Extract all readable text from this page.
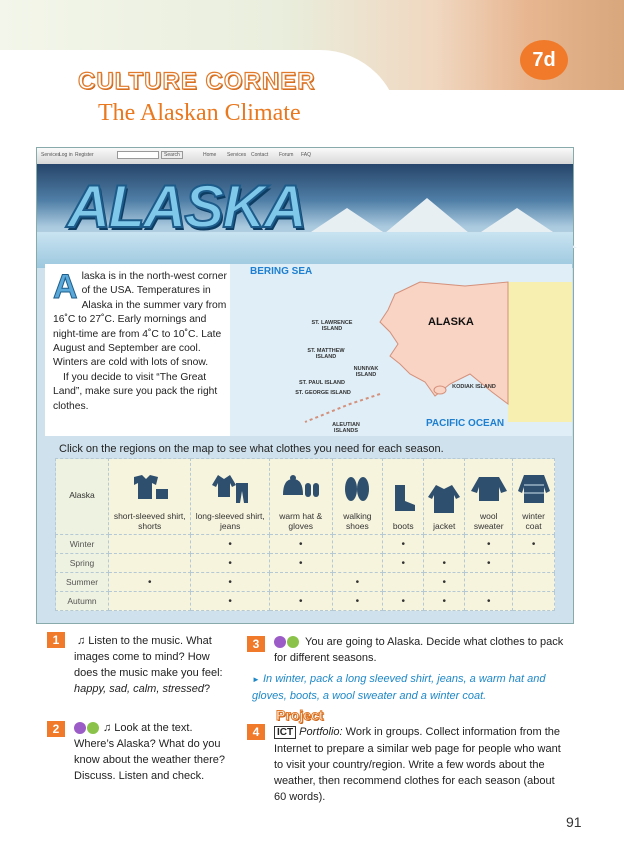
7d
CULTURE CORNER
The Alaskan Climate
Services
Log in Register	Search	Home Services Contact Forum FAQ
ALASKA
Alaska is in the north-west corner of the USA. Temperatures in Alaska in the summer vary from 16˚C to 27˚C. Early mornings and night-time are from 4˚C to 10˚C. Late August and September are cool. Winters are cold with lots of snow.
If you decide to visit “The Great Land”, make sure you pack the right clothes.
BERING SEA
ALASKA
PACIFIC OCEAN
ST. LAWRENCE ISLAND
ST. MATTHEW ISLAND
NUNIVAK ISLAND
ST. PAUL ISLAND
ST. GEORGE ISLAND
KODIAK ISLAND
ALEUTIAN ISLANDS
Click on the regions on the map to see what clothes you need for each season.
Alaska	short-sleeved shirt, shorts	long-sleeved shirt, jeans	warm hat & gloves	walking shoes	boots	jacket	wool sweater	winter coat
Winter		•	•		•		•	•
Spring		•	•		•	•	•	
Summer	•	•		•		•		
Autumn		•	•	•	•	•	•	
1	♫ Listen to the music. What images come to mind? How does the music make you feel: happy, sad, calm, stressed?
2	♫ Look at the text. Where’s Alaska? What do you know about the weather there? Discuss. Listen and check.
3	You are going to Alaska. Decide what clothes to pack for different seasons.
► In winter, pack a long sleeved shirt, jeans, a warm hat and gloves, boots, a wool sweater and a winter coat.
Project
4	ICT Portfolio: Work in groups. Collect information from the Internet to prepare a similar web page for people who want to visit your country/region. Write a few words about the weather, then recommend clothes for each season (about 60 words).
91
